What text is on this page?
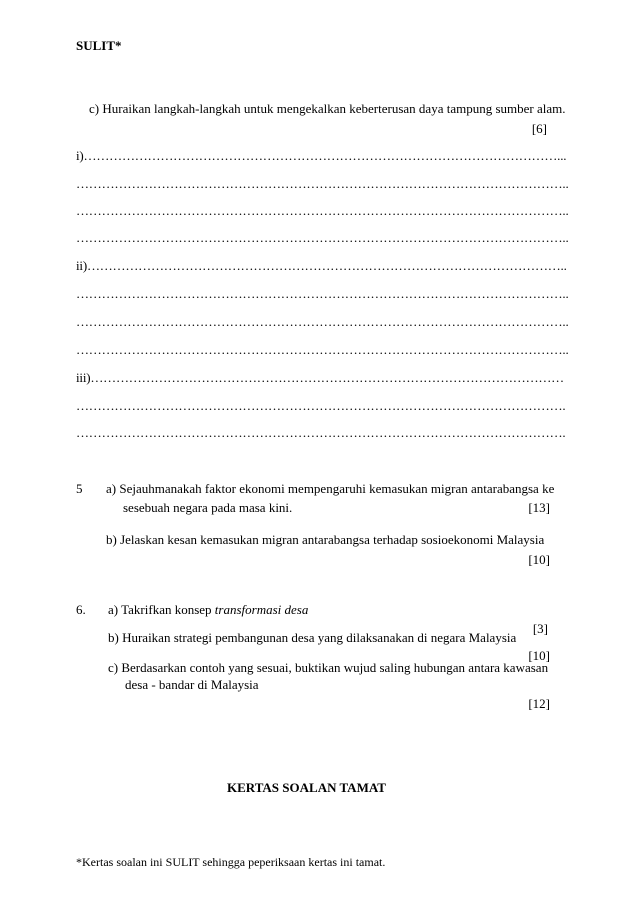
SULIT*
c) Huraikan langkah-langkah untuk mengekalkan keberterusan daya tampung sumber alam.
[6]
i)…………………………………………………………………………………………………...
……………………………………………………………………………………………………..
……………………………………………………………………………………………………..
……………………………………………………………………………………………………..
ii)…………………………………………………………………………………………………..
……………………………………………………………………………………………………..
……………………………………………………………………………………………………..
……………………………………………………………………………………………………..
iii)…………………………………………………………………………………………………
…………………………………………………………………………………………………….
…………………………………………………………………………………………………….
5 a) Sejauhmanakah faktor ekonomi mempengaruhi kemasukan migran antarabangsa ke
sesebuah negara pada masa kini.	[13]
b) Jelaskan kesan kemasukan migran antarabangsa terhadap sosioekonomi Malaysia
[10]
6. a) Takrifkan konsep transformasi desa
[3]
b) Huraikan strategi pembangunan desa yang dilaksanakan di negara Malaysia
[10]
c) Berdasarkan contoh yang sesuai, buktikan wujud saling hubungan antara kawasan
desa - bandar di Malaysia
[12]
KERTAS SOALAN TAMAT
*Kertas soalan ini SULIT sehingga peperiksaan kertas ini tamat.
